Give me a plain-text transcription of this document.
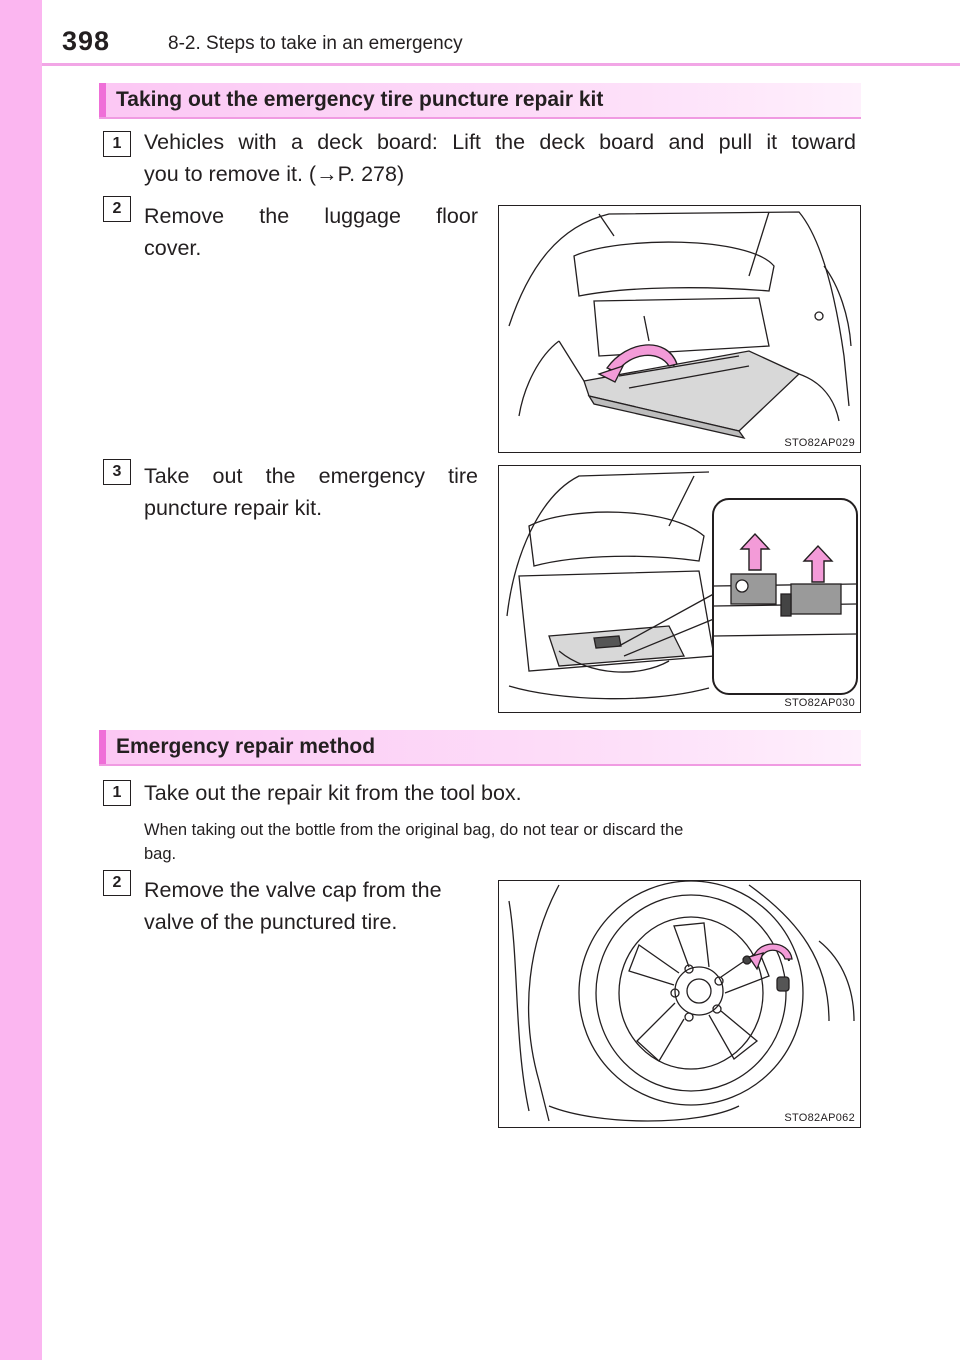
398	8-2. Steps to take in an emergency
Taking out the emergency tire puncture repair kit
1	Vehicles with a deck board: Lift the deck board and pull it toward
you to remove it. (→P. 278)
2	Remove the luggage floor
cover.
STO82AP029
3	Take out the emergency tire
puncture repair kit.
STO82AP030
Emergency repair method
1	Take out the repair kit from the tool box.
When taking out the bottle from the original bag, do not tear or discard the
bag.
2	Remove the valve cap from the
valve of the punctured tire.
STO82AP062
